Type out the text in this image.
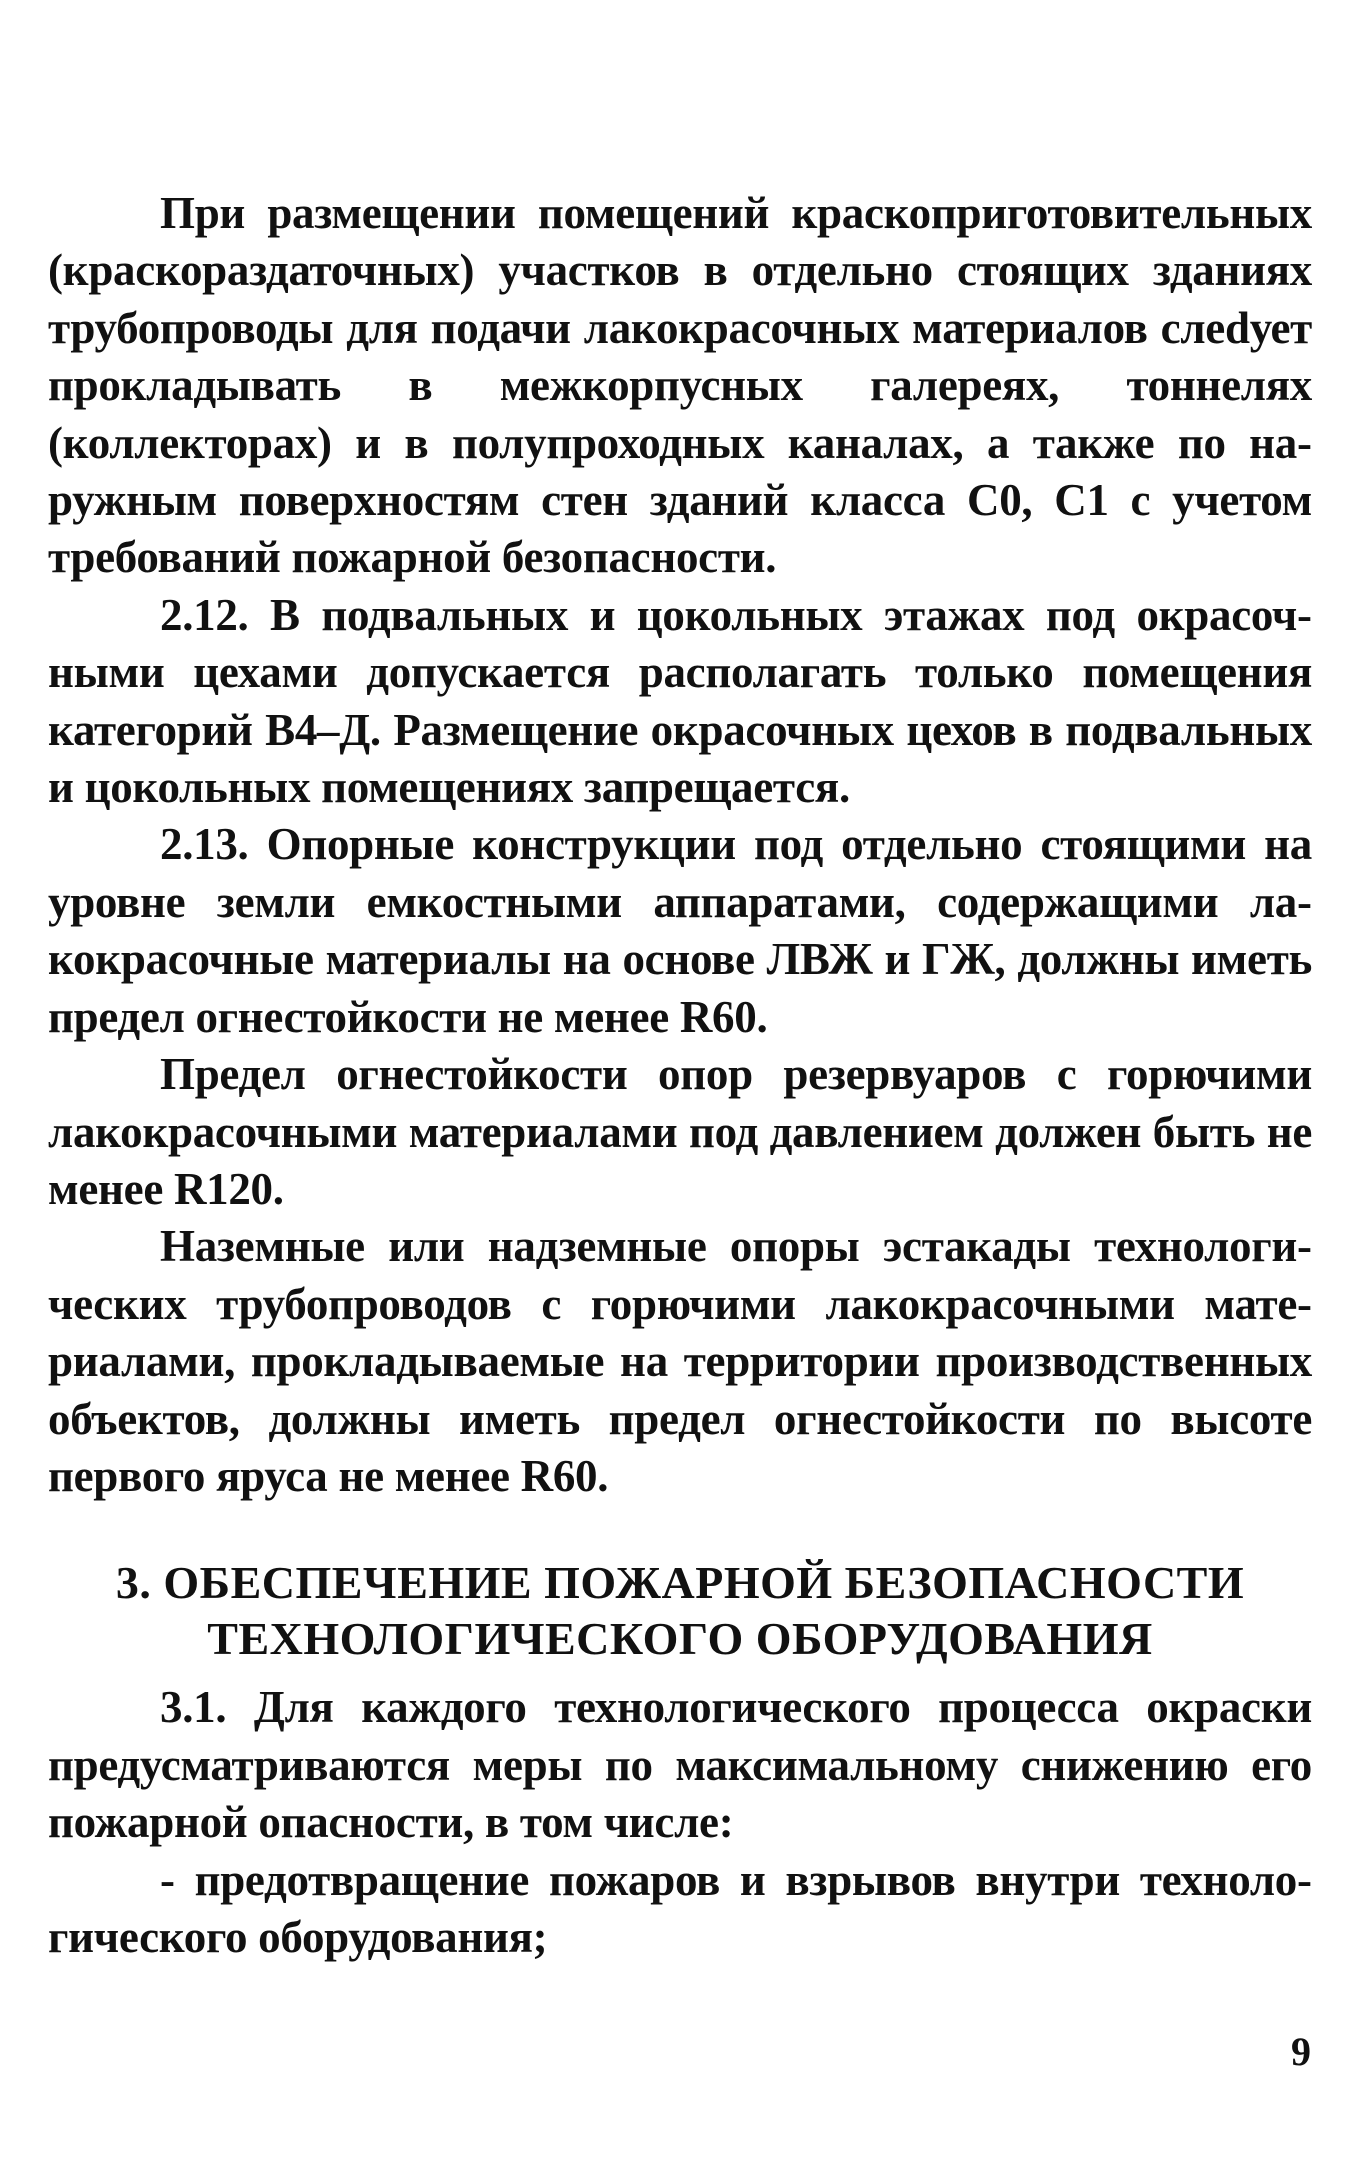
При размещении помещений краскоприготовительных (краскораздаточных) участков в отдельно стоящих зданиях трубопроводы для подачи лакокрасочных материалов слеdует прокладывать в межкорпусных галереях, тоннелях (коллекторах) и в полупроходных каналах, а также по наружным поверхностям стен зданий класса С0, С1 с учетом требований пожарной безопасности.

2.12. В подвальных и цокольных этажах под окрасочными цехами допускается располагать только помещения категорий В4–Д. Размещение окрасочных цехов в подвальных и цокольных помещениях запрещается.

2.13. Опорные конструкции под отдельно стоящими на уровне земли емкостными аппаратами, содержащими лакокрасочные материалы на основе ЛВЖ и ГЖ, должны иметь предел огнестойкости не менее R60.

Предел огнестойкости опор резервуаров с горючими лакокрасочными материалами под давлением должен быть не менее R120.

Наземные или надземные опоры эстакады технологических трубопроводов с горючими лакокрасочными материалами, прокладываемые на территории производственных объектов, должны иметь предел огнестойкости по высоте первого яруса не менее R60.

3. ОБЕСПЕЧЕНИЕ ПОЖАРНОЙ БЕЗОПАСНОСТИ
ТЕХНОЛОГИЧЕСКОГО ОБОРУДОВАНИЯ

3.1. Для каждого технологического процесса окраски предусматриваются меры по максимальному снижению его пожарной опасности, в том числе:

- предотвращение пожаров и взрывов внутри технологического оборудования;

9
